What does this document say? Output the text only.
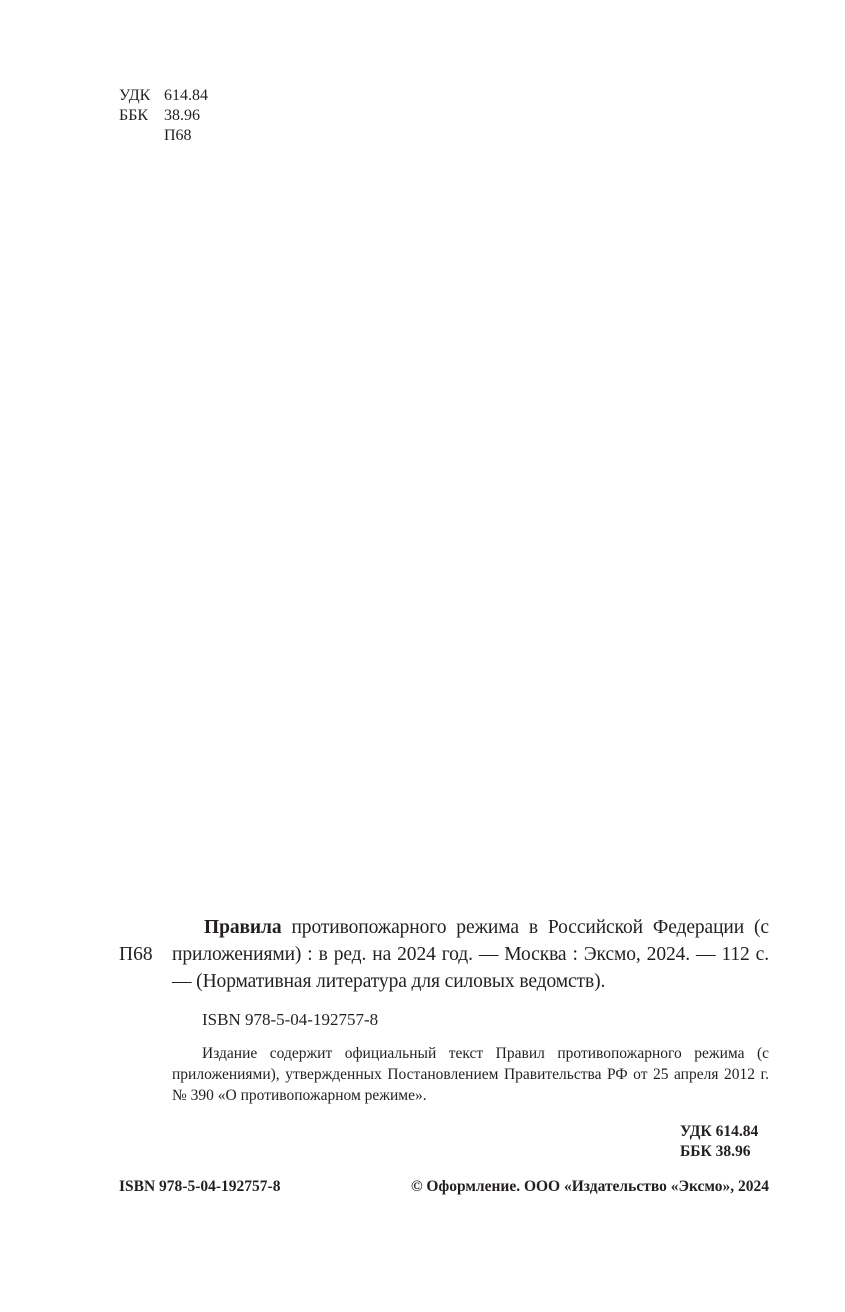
УДК 614.84
ББК 38.96
П68
П68
Правила противопожарного режима в Российской Федерации (с приложениями) : в ред. на 2024 год. — Москва : Эксмо, 2024. — 112 с. — (Нормативная литература для силовых ведомств).
ISBN 978-5-04-192757-8
Издание содержит официальный текст Правил противопожарного режима (с приложениями), утвержденных Постановлением Правительства РФ от 25 апреля 2012 г. № 390 «О противопожарном режиме».
УДК 614.84
ББК 38.96
ISBN 978-5-04-192757-8	© Оформление. ООО «Издательство «Эксмо», 2024
